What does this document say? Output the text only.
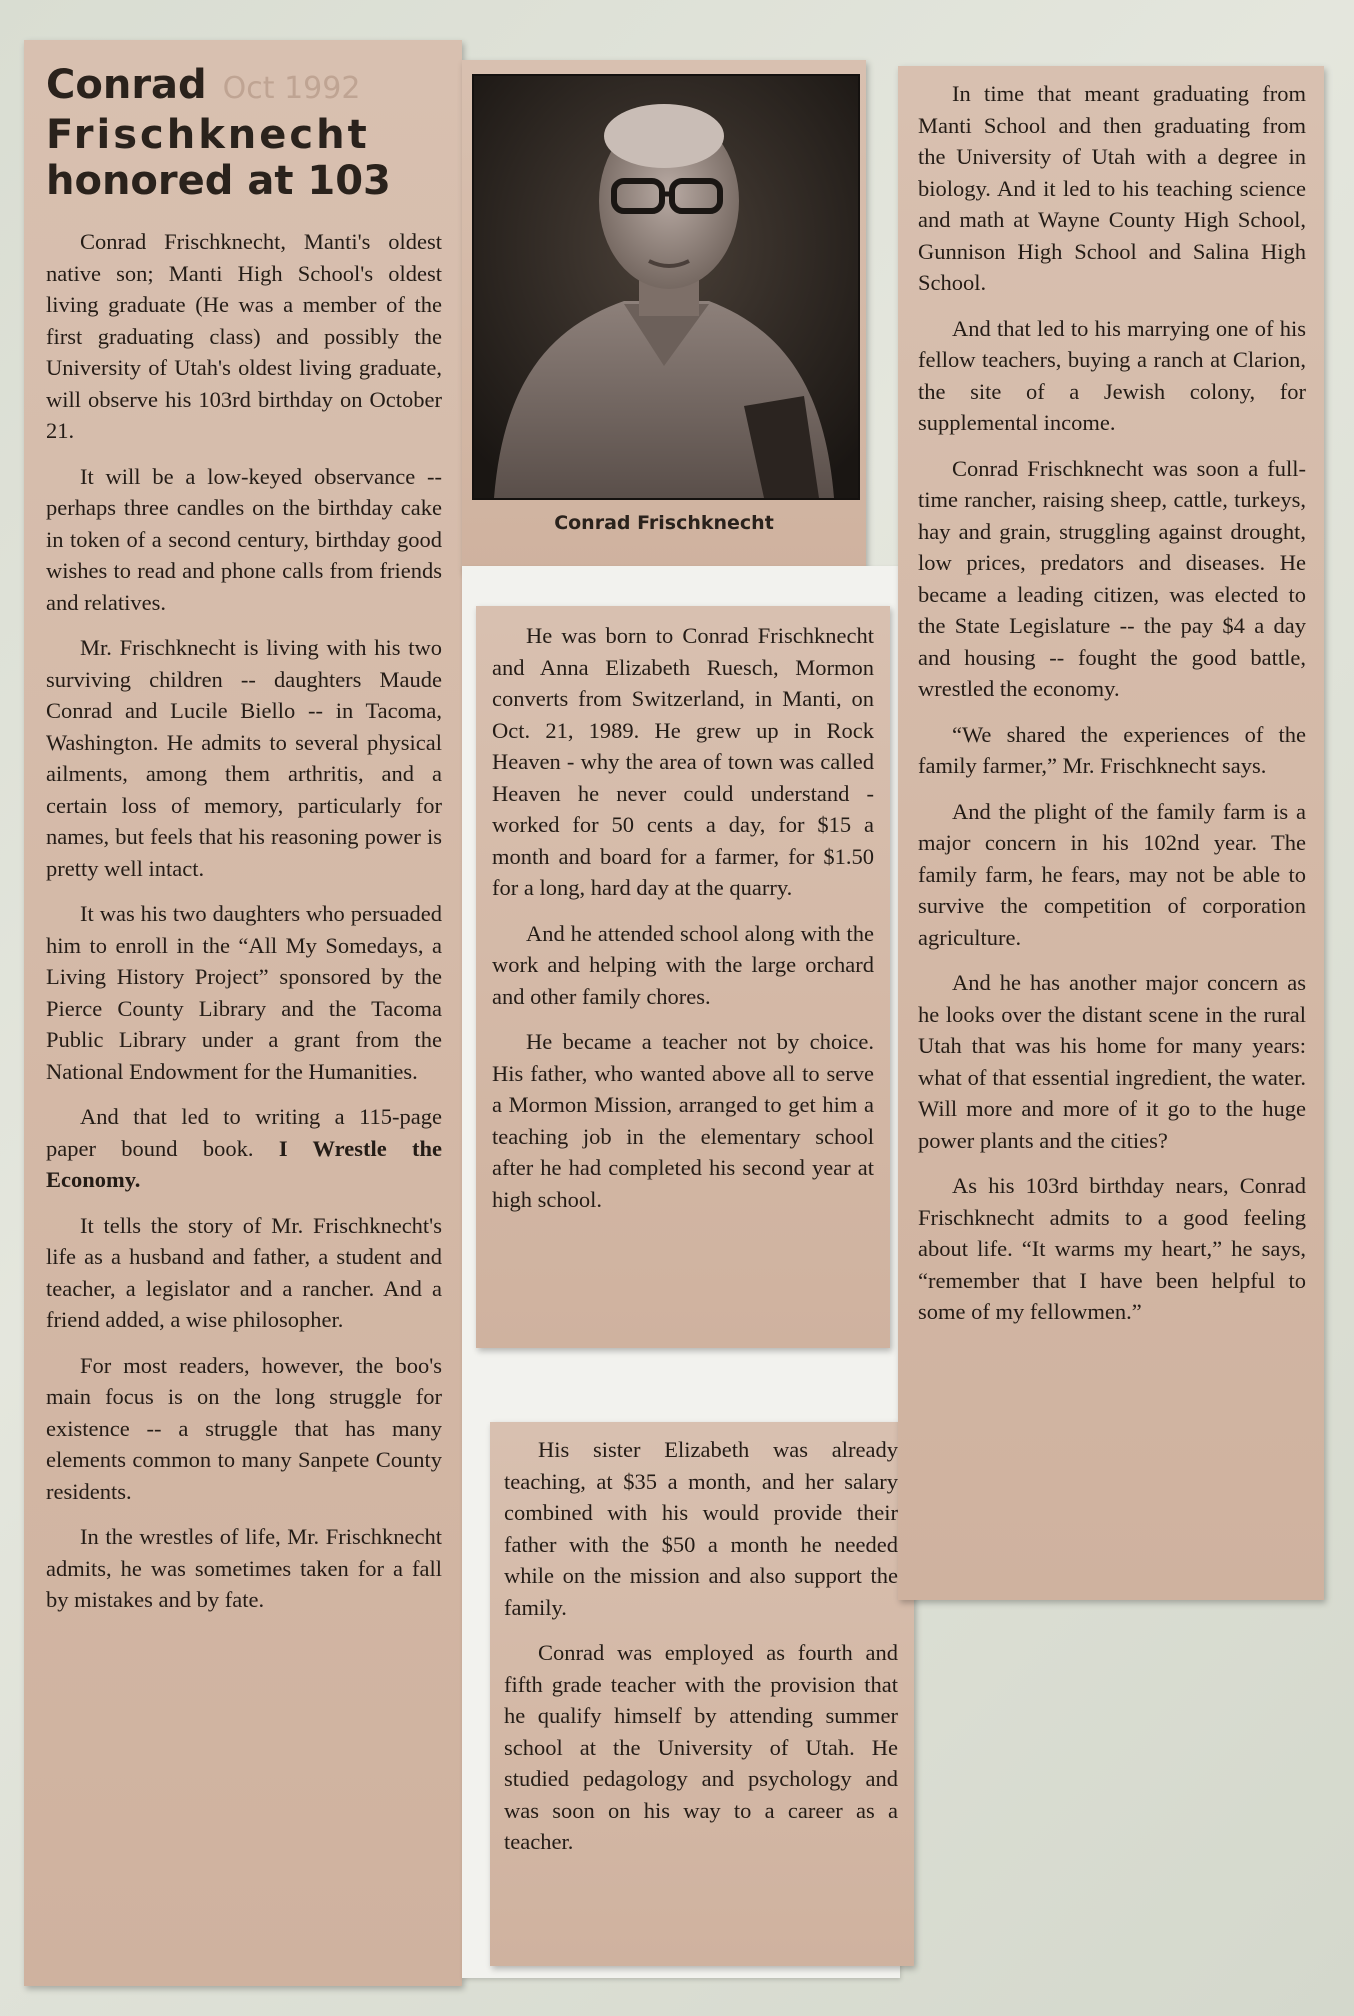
Conrad Oct 1992
Frischknecht
honored at 103

Conrad Frischknecht, Manti's oldest native son; Manti High School's oldest living graduate (He was a member of the first graduating class) and possibly the University of Utah's oldest living graduate, will observe his 103rd birthday on October 21.

It will be a low-keyed observance -- perhaps three candles on the birthday cake in token of a second century, birthday good wishes to read and phone calls from friends and relatives.

Mr. Frischknecht is living with his two surviving children -- daughters Maude Conrad and Lucile Biello -- in Tacoma, Washington. He admits to several physical ailments, among them arthritis, and a certain loss of memory, particularly for names, but feels that his reasoning power is pretty well intact.

It was his two daughters who persuaded him to enroll in the “All My Somedays, a Living History Project” sponsored by the Pierce County Library and the Tacoma Public Library under a grant from the National Endowment for the Humanities.

And that led to writing a 115-page paper bound book. I Wrestle the Economy.

It tells the story of Mr. Frischknecht's life as a husband and father, a student and teacher, a legislator and a rancher. And a friend added, a wise philosopher.

For most readers, however, the boo's main focus is on the long struggle for existence -- a struggle that has many elements common to many Sanpete County residents.

In the wrestles of life, Mr. Frischknecht admits, he was sometimes taken for a fall by mistakes and by fate.

Conrad Frischknecht

He was born to Conrad Frischknecht and Anna Elizabeth Ruesch, Mormon converts from Switzerland, in Manti, on Oct. 21, 1989. He grew up in Rock Heaven - why the area of town was called Heaven he never could understand - worked for 50 cents a day, for $15 a month and board for a farmer, for $1.50 for a long, hard day at the quarry.

And he attended school along with the work and helping with the large orchard and other family chores.

He became a teacher not by choice. His father, who wanted above all to serve a Mormon Mission, arranged to get him a teaching job in the elementary school after he had completed his second year at high school.

His sister Elizabeth was already teaching, at $35 a month, and her salary combined with his would provide their father with the $50 a month he needed while on the mission and also support the family.

Conrad was employed as fourth and fifth grade teacher with the provision that he qualify himself by attending summer school at the University of Utah. He studied pedagology and psychology and was soon on his way to a career as a teacher.

In time that meant graduating from Manti School and then graduating from the University of Utah with a degree in biology. And it led to his teaching science and math at Wayne County High School, Gunnison High School and Salina High School.

And that led to his marrying one of his fellow teachers, buying a ranch at Clarion, the site of a Jewish colony, for supplemental income.

Conrad Frischknecht was soon a full-time rancher, raising sheep, cattle, turkeys, hay and grain, struggling against drought, low prices, predators and diseases. He became a leading citizen, was elected to the State Legislature -- the pay $4 a day and housing -- fought the good battle, wrestled the economy.

“We shared the experiences of the family farmer,” Mr. Frischknecht says.

And the plight of the family farm is a major concern in his 102nd year. The family farm, he fears, may not be able to survive the competition of corporation agriculture.

And he has another major concern as he looks over the distant scene in the rural Utah that was his home for many years: what of that essential ingredient, the water. Will more and more of it go to the huge power plants and the cities?

As his 103rd birthday nears, Conrad Frischknecht admits to a good feeling about life. “It warms my heart,” he says, “remember that I have been helpful to some of my fellowmen.”
